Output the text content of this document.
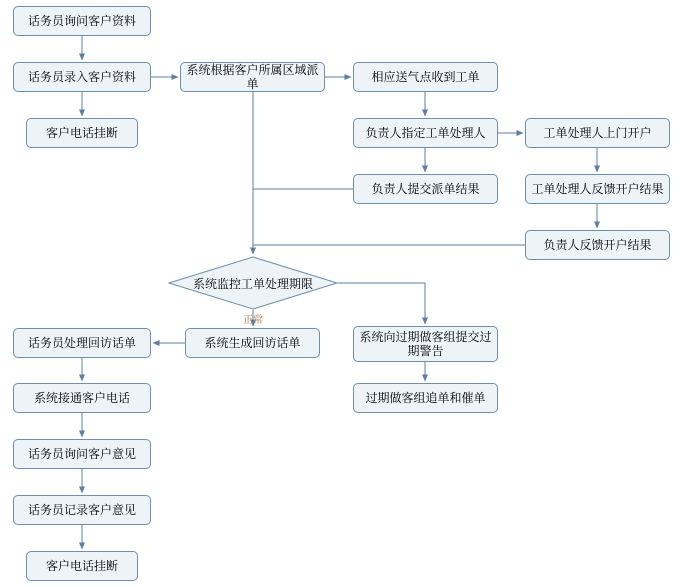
话务员询问客户资料
话务员录入客户资料
客户电话挂断
系统根据客户所属区域派单	相应送气点收到工单
负责人指定工单处理人	工单处理人上门开户
负责人提交派单结果	工单处理人反馈开户结果
负责人反馈开户结果
系统监控工单处理期限
话务员处理回访话单	系统生成回访话单	系统向过期做客组提交过期警告
过期做客组追单和催单
系统接通客户电话
话务员询问客户意见
话务员记录客户意见
客户电话挂断
正常
